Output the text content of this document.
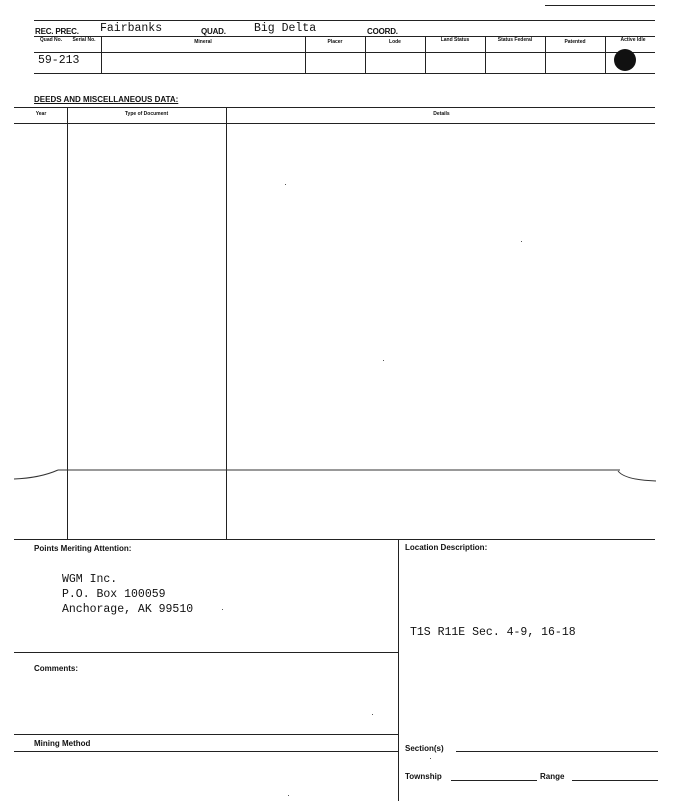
REC. PREC. Fairbanks	QUAD. Big Delta	COORD.
Quad No.	Serial No.	Mineral	Placer	Lode	Land Status	Status Federal	Patented	Active Idle
59-213
DEEDS AND MISCELLANEOUS DATA:
Year	Type of Document	Details
Points Meriting Attention:
WGM Inc.
P.O. Box 100059
Anchorage, AK 99510
Location Description:
T1S R11E Sec. 4-9, 16-18
Comments:
Mining Method
Section(s)
Township	Range
